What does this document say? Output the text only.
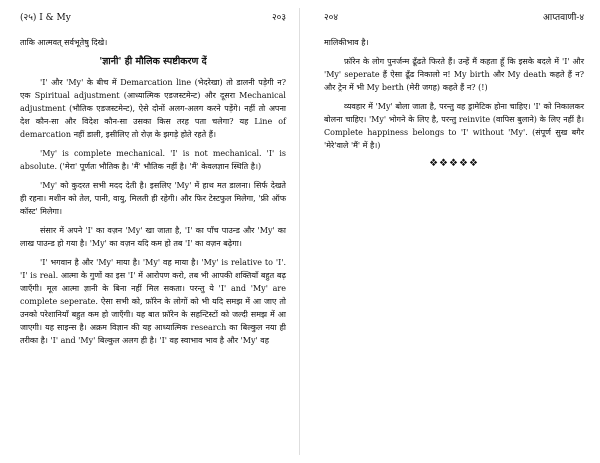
(२५) I & My	२०३

ताकि आत्मवत् सर्वभूतेषु दिखे।

'ज्ञानी' ही मौलिक स्पष्टीकरण दें

'I' और 'My' के बीच में Demarcation line (भेदरेखा) तो डालनी पड़ेगी न? एक Spiritual adjustment (आध्यात्मिक एडजस्टमेन्ट) और दूसरा Mechanical adjustment (भौतिक एडजस्टमेन्ट), ऐसे दोनों अलग-अलग करने पड़ेंगे। नहीं तो अपना देश कौन-सा और विदेश कौन-सा उसका किस तरह पता चलेगा? यह Line of demarcation नहीं डाली, इसीलिए तो रोज़ के झगड़े होते रहते हैं।

'My' is complete mechanical. 'I' is not mechanical. 'I' is absolute. ('मेरा' पूर्णतः भौतिक है। 'मैं' भौतिक नहीं है। 'मैं' केवलज्ञान स्थिति है।)

'My' को कुदरत सभी मदद देती है। इसलिए 'My' में हाथ मत डालना। सिर्फ देखते ही रहना। मशीन को तेल, पानी, वायु, मिलती ही रहेगी। और फिर टेस्टफुल मिलेगा, 'फ्री ऑफ कॉस्ट' मिलेगा।

संसार में अपने 'I' का वज़न 'My' खा जाता है, 'I' का पाँच पाउन्ड और 'My' का लाख पाउन्ड हो गया है। 'My' का वज़न यदि कम हो तब 'I' का वज़न बढ़ेगा।

'I' भगवान है और 'My' माया है। 'My' वह माया है। 'My' is relative to 'I'. 'I' is real. आत्मा के गुणों का इस 'I' में आरोपण करो, तब भी आपकी शक्तियाँ बहुत बढ़ जाएँगी। मूल आत्मा ज्ञानी के बिना नहीं मिल सकता। परन्तु ये 'I' and 'My' are complete seperate. ऐसा सभी को, फ़ॉरेन के लोगों को भी यदि समझ में आ जाए तो उनको परेशानियाँ बहुत कम हो जाएँगी। यह बात फ़ॉरेन के सहन्टिस्टों को जल्दी समझ में आ जाएगी। यह साइन्स है। अक्रम विज्ञान की यह आध्यात्मिक research का बिल्कुल नया ही तरीका है। 'I' and 'My' बिल्कुल अलग ही है। 'I' वह स्वाभाव भाव है और 'My' वह

२०४	आप्तवाणी-४

मालिकीभाव है।

फ़ॉरेन के लोग पुनर्जन्म ढूँढते फिरते हैं। उन्हें मैं कहता हूँ कि इसके बदले में 'I' और 'My' seperate हैं ऐसा ढूँढ निकालो न! My birth और My death कहते हैं न? और ट्रेन में भी My berth (मेरी जगह) कहते हैं न? (!)

व्यवहार में 'My' बोला जाता है, परन्तु वह ड्रामेटिक होना चाहिए। 'I' को निकालकर बोलना चाहिए। 'My' भोगने के लिए है, परन्तु reinvite (वापिस बुलाने) के लिए नहीं है। Complete happiness belongs to 'I' without 'My'. (संपूर्ण सुख बगैर 'मेरे'वाले 'मैं' में है।)

❖❖❖❖❖
